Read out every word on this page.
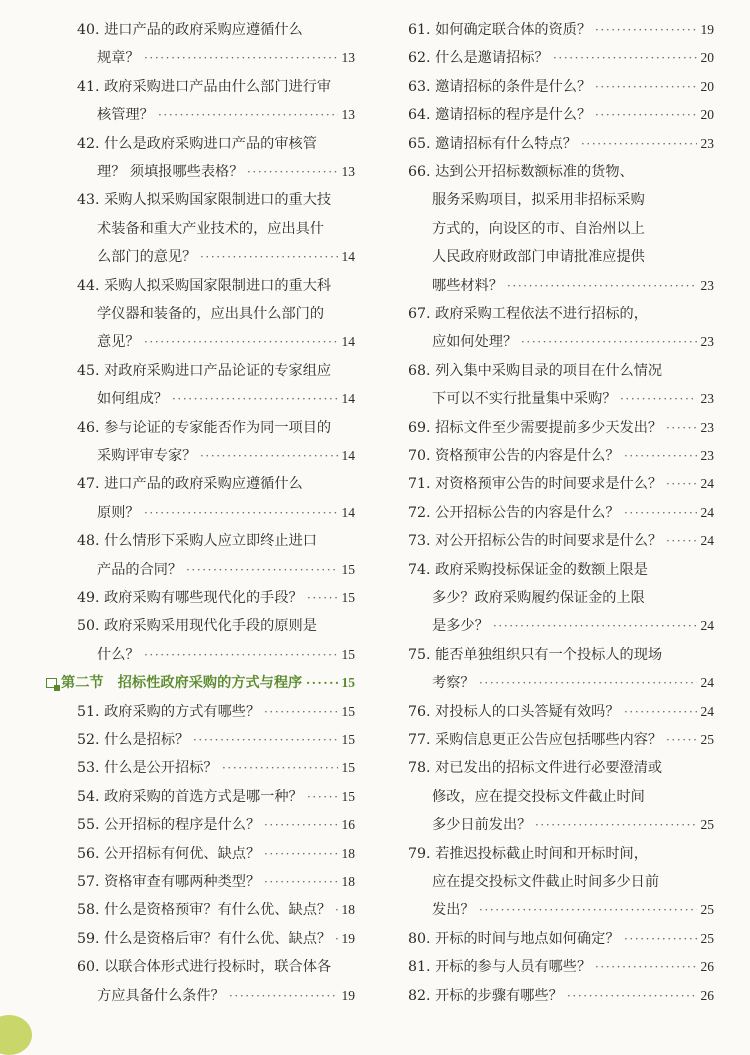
40. 进口产品的政府采购应遵循什么
规章？ ·····	13
41. 政府采购进口产品由什么部门进行审
核管理？ ·····	13
42. 什么是政府采购进口产品的审核管
理？ 须填报哪些表格？ ·····	13
43. 采购人拟采购国家限制进口的重大技
术装备和重大产业技术的，应出具什
么部门的意见？ ·····	14
44. 采购人拟采购国家限制进口的重大科
学仪器和装备的，应出具什么部门的
意见？ ·····	14
45. 对政府采购进口产品论证的专家组应
如何组成？ ·····	14
46. 参与论证的专家能否作为同一项目的
采购评审专家？ ·····	14
47. 进口产品的政府采购应遵循什么
原则？ ·····	14
48. 什么情形下采购人应立即终止进口
产品的合同？ ·····	15
49. 政府采购有哪些现代化的手段？ ·····	15
50. 政府采购采用现代化手段的原则是
什么？ ·····	15
第二节　招标性政府采购的方式与程序 ·····	15
51. 政府采购的方式有哪些？ ·····	15
52. 什么是招标？ ·····	15
53. 什么是公开招标？ ·····	15
54. 政府采购的首选方式是哪一种？ ·····	15
55. 公开招标的程序是什么？ ·····	16
56. 公开招标有何优、缺点？ ·····	18
57. 资格审查有哪两种类型？ ·····	18
58. 什么是资格预审？有什么优、缺点？ ····· 18
59. 什么是资格后审？有什么优、缺点？ ····· 19
60. 以联合体形式进行投标时，联合体各
方应具备什么条件？ ·····	19
61. 如何确定联合体的资质？ ·····	19
62. 什么是邀请招标？ ·····	20
63. 邀请招标的条件是什么？ ·····	20
64. 邀请招标的程序是什么？ ·····	20
65. 邀请招标有什么特点？ ·····	23
66. 达到公开招标数额标准的货物、
服务采购项目，拟采用非招标采购
方式的，向设区的市、自治州以上
人民政府财政部门申请批准应提供
哪些材料？ ·····	23
67. 政府采购工程依法不进行招标的，
应如何处理？ ·····	23
68. 列入集中采购目录的项目在什么情况
下可以不实行批量集中采购？ ·····	23
69. 招标文件至少需要提前多少天发出？ ·····	23
70. 资格预审公告的内容是什么？ ·····	23
71. 对资格预审公告的时间要求是什么？ ·····	24
72. 公开招标公告的内容是什么？ ·····	24
73. 对公开招标公告的时间要求是什么？ ·····	24
74. 政府采购投标保证金的数额上限是
多少？政府采购履约保证金的上限
是多少？ ·····	24
75. 能否单独组织只有一个投标人的现场
考察？ ·····	24
76. 对投标人的口头答疑有效吗？ ·····	24
77. 采购信息更正公告应包括哪些内容？ ·····	25
78. 对已发出的招标文件进行必要澄清或
修改，应在提交投标文件截止时间
多少日前发出？ ·····	25
79. 若推迟投标截止时间和开标时间，
应在提交投标文件截止时间多少日前
发出？ ·····	25
80. 开标的时间与地点如何确定？ ·····	25
81. 开标的参与人员有哪些？ ·····	26
82. 开标的步骤有哪些？ ·····	26
